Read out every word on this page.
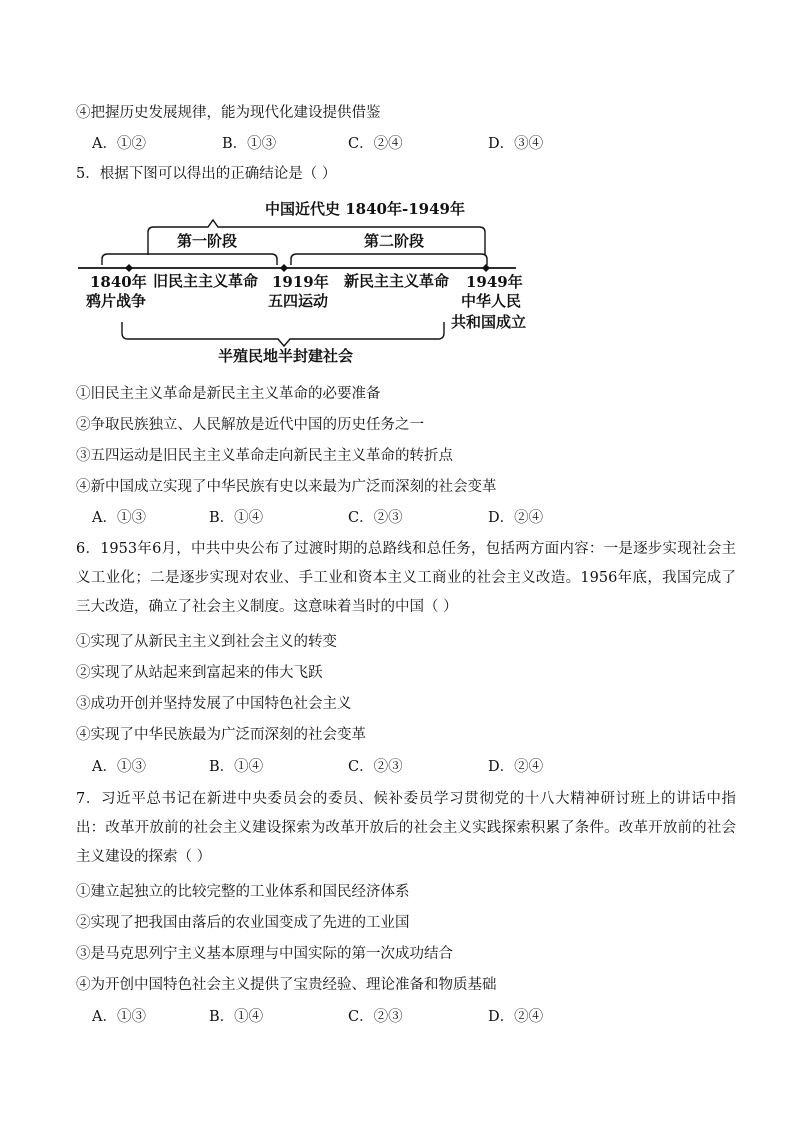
④把握历史发展规律，能为现代化建设提供借鉴
A．①②	B．①③	C．②④	D．③④
5．根据下图可以得出的正确结论是（ ）
中国近代史 1840年-1949年
第一阶段	第二阶段
1840年 旧民主主义革命 1919年 新民主主义革命 1949年
鸦片战争	五四运动	中华人民
共和国成立
半殖民地半封建社会
①旧民主主义革命是新民主主义革命的必要准备
②争取民族独立、人民解放是近代中国的历史任务之一
③五四运动是旧民主主义革命走向新民主主义革命的转折点
④新中国成立实现了中华民族有史以来最为广泛而深刻的社会变革
A．①③	B．①④	C．②③	D．②④
6．1953年6月，中共中央公布了过渡时期的总路线和总任务，包括两方面内容：一是逐步实现社会主义工业化；二是逐步实现对农业、手工业和资本主义工商业的社会主义改造。1956年底，我国完成了三大改造，确立了社会主义制度。这意味着当时的中国（ ）
①实现了从新民主主义到社会主义的转变
②实现了从站起来到富起来的伟大飞跃
③成功开创并坚持发展了中国特色社会主义
④实现了中华民族最为广泛而深刻的社会变革
A．①③	B．①④	C．②③	D．②④
7．习近平总书记在新进中央委员会的委员、候补委员学习贯彻党的十八大精神研讨班上的讲话中指出：改革开放前的社会主义建设探索为改革开放后的社会主义实践探索积累了条件。改革开放前的社会主义建设的探索（ ）
①建立起独立的比较完整的工业体系和国民经济体系
②实现了把我国由落后的农业国变成了先进的工业国
③是马克思列宁主义基本原理与中国实际的第一次成功结合
④为开创中国特色社会主义提供了宝贵经验、理论准备和物质基础
A．①③	B．①④	C．②③	D．②④
